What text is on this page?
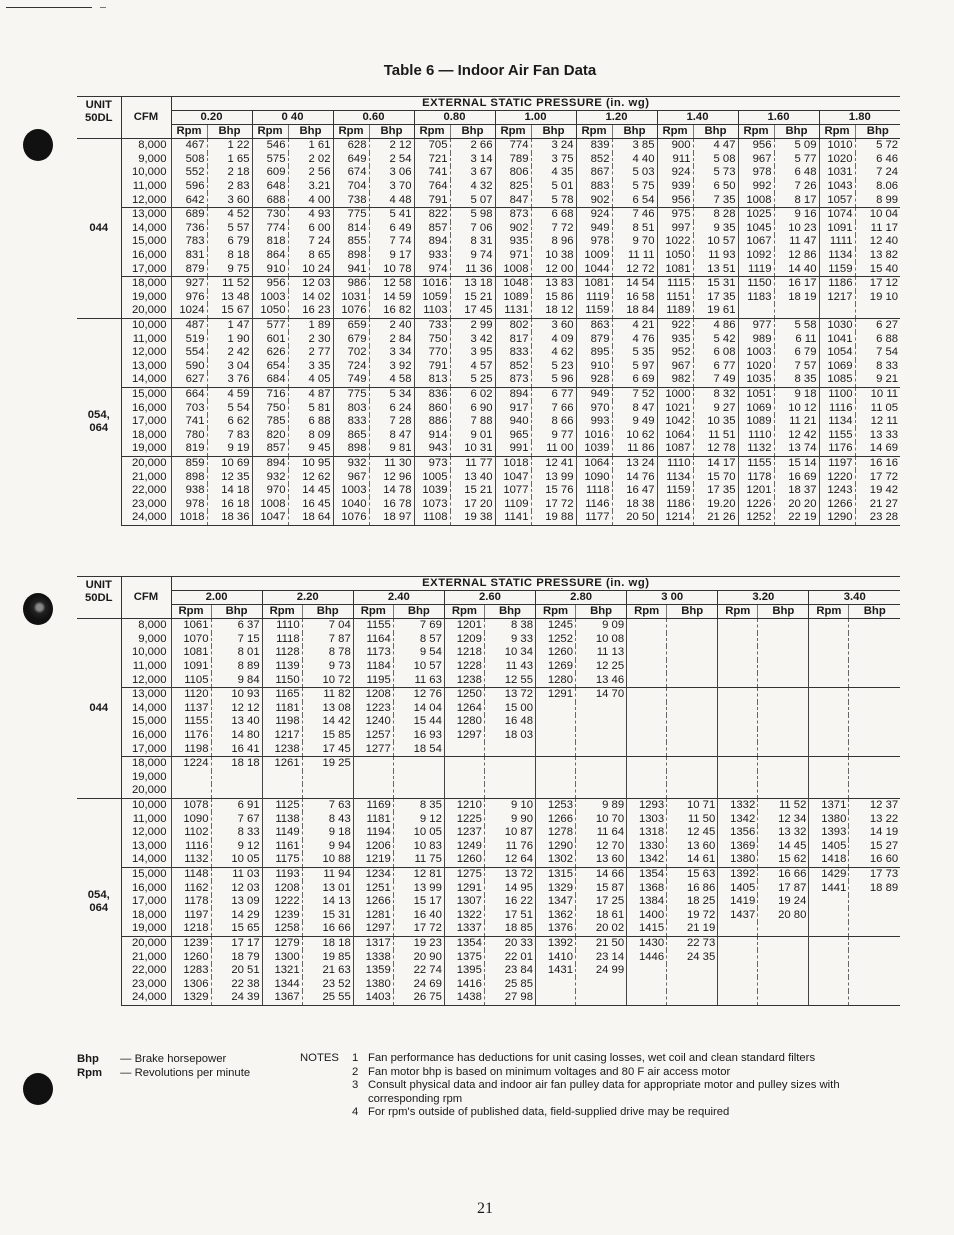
Table 6 — Indoor Air Fan Data
UNIT
50DL	CFM	EXTERNAL STATIC PRESSURE (in. wg)																	
		0.20		0 40		0.60		0.80		1.00		1.20		1.40		1.60		1.80	
		Rpm	Bhp	Rpm	Bhp	Rpm	Bhp	Rpm	Bhp	Rpm	Bhp	Rpm	Bhp	Rpm	Bhp	Rpm	Bhp	Rpm	Bhp
044	8,000	467	1 22	546	1 61	628	2 12	705	2 66	774	3 24	839	3 85	900	4 47	956	5 09	1010	5 72
	9,000	508	1 65	575	2 02	649	2 54	721	3 14	789	3 75	852	4 40	911	5 08	967	5 77	1020	6 46
	10,000	552	2 18	609	2 56	674	3 06	741	3 67	806	4 35	867	5 03	924	5 73	978	6 48	1031	7 24
	11,000	596	2 83	648	3.21	704	3 70	764	4 32	825	5 01	883	5 75	939	6 50	992	7 26	1043	8.06
	12,000	642	3 60	688	4 00	738	4 48	791	5 07	847	5 78	902	6 54	956	7 35	1008	8 17	1057	8 99
	13,000	689	4 52	730	4 93	775	5 41	822	5 98	873	6 68	924	7 46	975	8 28	1025	9 16	1074	10 04
	14,000	736	5 57	774	6 00	814	6 49	857	7 06	902	7 72	949	8 51	997	9 35	1045	10 23	1091	11 17
	15,000	783	6 79	818	7 24	855	7 74	894	8 31	935	8 96	978	9 70	1022	10 57	1067	11 47	1111	12 40
	16,000	831	8 18	864	8 65	898	9 17	933	9 74	971	10 38	1009	11 11	1050	11 93	1092	12 86	1134	13 82
	17,000	879	9 75	910	10 24	941	10 78	974	11 36	1008	12 00	1044	12 72	1081	13 51	1119	14 40	1159	15 40
	18,000	927	11 52	956	12 03	986	12 58	1016	13 18	1048	13 83	1081	14 54	1115	15 31	1150	16 17	1186	17 12
	19,000	976	13 48	1003	14 02	1031	14 59	1059	15 21	1089	15 86	1119	16 58	1151	17 35	1183	18 19	1217	19 10
	20,000	1024	15 67	1050	16 23	1076	16 82	1103	17 45	1131	18 12	1159	18 84	1189	19 61				
054,
064	10,000	487	1 47	577	1 89	659	2 40	733	2 99	802	3 60	863	4 21	922	4 86	977	5 58	1030	6 27
	11,000	519	1 90	601	2 30	679	2 84	750	3 42	817	4 09	879	4 76	935	5 42	989	6 11	1041	6 88
	12,000	554	2 42	626	2 77	702	3 34	770	3 95	833	4 62	895	5 35	952	6 08	1003	6 79	1054	7 54
	13,000	590	3 04	654	3 35	724	3 92	791	4 57	852	5 23	910	5 97	967	6 77	1020	7 57	1069	8 33
	14,000	627	3 76	684	4 05	749	4 58	813	5 25	873	5 96	928	6 69	982	7 49	1035	8 35	1085	9 21
	15,000	664	4 59	716	4 87	775	5 34	836	6 02	894	6 77	949	7 52	1000	8 32	1051	9 18	1100	10 11
	16,000	703	5 54	750	5 81	803	6 24	860	6 90	917	7 66	970	8 47	1021	9 27	1069	10 12	1116	11 05
	17,000	741	6 62	785	6 88	833	7 28	886	7 88	940	8 66	993	9 49	1042	10 35	1089	11 21	1134	12 11
	18,000	780	7 83	820	8 09	865	8 47	914	9 01	965	9 77	1016	10 62	1064	11 51	1110	12 42	1155	13 33
	19,000	819	9 19	857	9 45	898	9 81	943	10 31	991	11 00	1039	11 86	1087	12 78	1132	13 74	1176	14 69
	20,000	859	10 69	894	10 95	932	11 30	973	11 77	1018	12 41	1064	13 24	1110	14 17	1155	15 14	1197	16 16
	21,000	898	12 35	932	12 62	967	12 96	1005	13 40	1047	13 99	1090	14 76	1134	15 70	1178	16 69	1220	17 72
	22,000	938	14 18	970	14 45	1003	14 78	1039	15 21	1077	15 76	1118	16 47	1159	17 35	1201	18 37	1243	19 42
	23,000	978	16 18	1008	16 45	1040	16 78	1073	17 20	1109	17 72	1146	18 38	1186	19.20	1226	20 20	1266	21 27
	24,000	1018	18 36	1047	18 64	1076	18 97	1108	19 38	1141	19 88	1177	20 50	1214	21 26	1252	22 19	1290	23 28
UNIT
50DL	CFM	EXTERNAL STATIC PRESSURE (in. wg)															
		2.00		2.20		2.40		2.60		2.80		3 00		3.20		3.40	
		Rpm	Bhp	Rpm	Bhp	Rpm	Bhp	Rpm	Bhp	Rpm	Bhp	Rpm	Bhp	Rpm	Bhp	Rpm	Bhp
044	8,000	1061	6 37	1110	7 04	1155	7 69	1201	8 38	1245	9 09						
	9,000	1070	7 15	1118	7 87	1164	8 57	1209	9 33	1252	10 08						
	10,000	1081	8 01	1128	8 78	1173	9 54	1218	10 34	1260	11 13						
	11,000	1091	8 89	1139	9 73	1184	10 57	1228	11 43	1269	12 25						
	12,000	1105	9 84	1150	10 72	1195	11 63	1238	12 55	1280	13 46						
	13,000	1120	10 93	1165	11 82	1208	12 76	1250	13 72	1291	14 70						
	14,000	1137	12 12	1181	13 08	1223	14 04	1264	15 00								
	15,000	1155	13 40	1198	14 42	1240	15 44	1280	16 48								
	16,000	1176	14 80	1217	15 85	1257	16 93	1297	18 03								
	17,000	1198	16 41	1238	17 45	1277	18 54										
	18,000	1224	18 18	1261	19 25												
	19,000																
	20,000																
054,
064	10,000	1078	6 91	1125	7 63	1169	8 35	1210	9 10	1253	9 89	1293	10 71	1332	11 52	1371	12 37
	11,000	1090	7 67	1138	8 43	1181	9 12	1225	9 90	1266	10 70	1303	11 50	1342	12 34	1380	13 22
	12,000	1102	8 33	1149	9 18	1194	10 05	1237	10 87	1278	11 64	1318	12 45	1356	13 32	1393	14 19
	13,000	1116	9 12	1161	9 94	1206	10 83	1249	11 76	1290	12 70	1330	13 60	1369	14 45	1405	15 27
	14,000	1132	10 05	1175	10 88	1219	11 75	1260	12 64	1302	13 60	1342	14 61	1380	15 62	1418	16 60
	15,000	1148	11 03	1193	11 94	1234	12 81	1275	13 72	1315	14 66	1354	15 63	1392	16 66	1429	17 73
	16,000	1162	12 03	1208	13 01	1251	13 99	1291	14 95	1329	15 87	1368	16 86	1405	17 87	1441	18 89
	17,000	1178	13 09	1222	14 13	1266	15 17	1307	16 22	1347	17 25	1384	18 25	1419	19 24		
	18,000	1197	14 29	1239	15 31	1281	16 40	1322	17 51	1362	18 61	1400	19 72	1437	20 80		
	19,000	1218	15 65	1258	16 66	1297	17 72	1337	18 85	1376	20 02	1415	21 19				
	20,000	1239	17 17	1279	18 18	1317	19 23	1354	20 33	1392	21 50	1430	22 73				
	21,000	1260	18 79	1300	19 85	1338	20 90	1375	22 01	1410	23 14	1446	24 35				
	22,000	1283	20 51	1321	21 63	1359	22 74	1395	23 84	1431	24 99						
	23,000	1306	22 38	1344	23 52	1380	24 69	1416	25 85								
	24,000	1329	24 39	1367	25 55	1403	26 75	1438	27 98								
Bhp — Brake horsepower
Rpm — Revolutions per minute
NOTES 1 Fan performance has deductions for unit casing losses, wet coil and clean standard filters
2 Fan motor bhp is based on minimum voltages and 80 F air access motor
3 Consult physical data and indoor air fan pulley data for appropriate motor and pulley sizes with corresponding rpm
4 For rpm's outside of published data, field-supplied drive may be required
21
